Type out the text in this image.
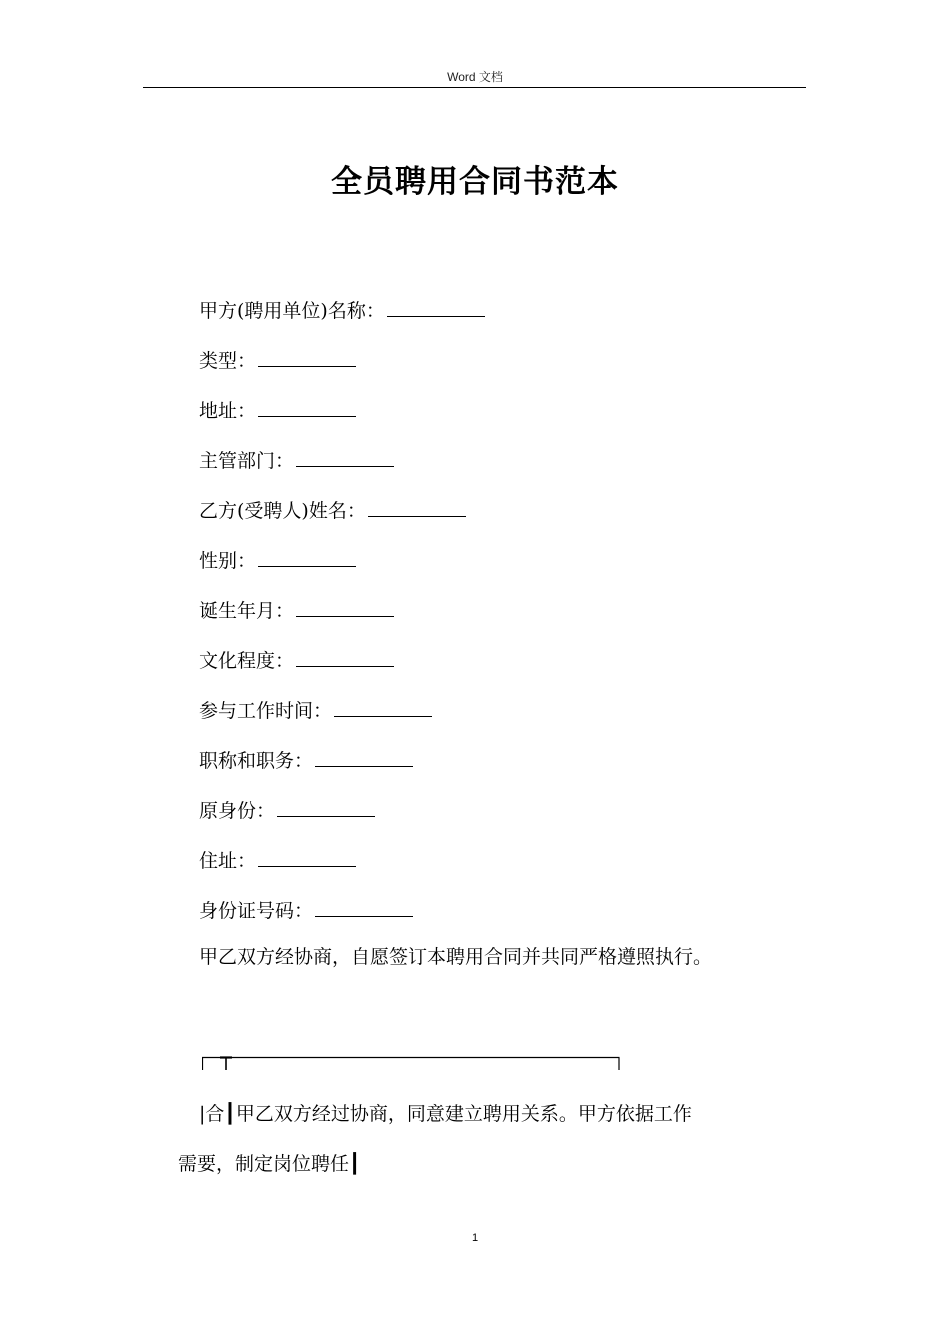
Word 文档
全员聘用合同书范本
甲方(聘用单位)名称：
类型：
地址：
主管部门：
乙方(受聘人)姓名：
性别：
诞生年月：
文化程度：
参与工作时间：
职称和职务：
原身份：
住址：
身份证号码：
甲乙双方经协商，自愿签订本聘用合同并共同严格遵照执行。
|合┃甲乙双方经过协商，同意建立聘用关系。甲方依据工作
需要，制定岗位聘任┃
1
